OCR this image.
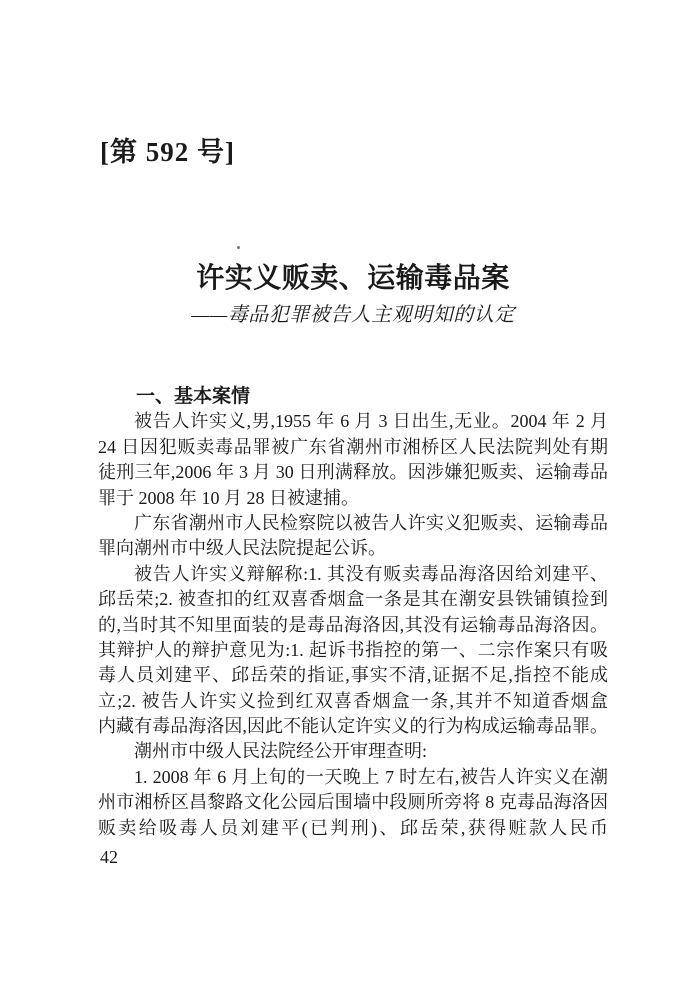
[第 592 号]
许实义贩卖、运输毒品案
——毒品犯罪被告人主观明知的认定
一、基本案情
被告人许实义,男,1955 年 6 月 3 日出生,无业。2004 年 2 月
24 日因犯贩卖毒品罪被广东省潮州市湘桥区人民法院判处有期
徒刑三年,2006 年 3 月 30 日刑满释放。因涉嫌犯贩卖、运输毒品
罪于 2008 年 10 月 28 日被逮捕。
广东省潮州市人民检察院以被告人许实义犯贩卖、运输毒品
罪向潮州市中级人民法院提起公诉。
被告人许实义辩解称:1. 其没有贩卖毒品海洛因给刘建平、
邱岳荣;2. 被查扣的红双喜香烟盒一条是其在潮安县铁铺镇捡到
的,当时其不知里面装的是毒品海洛因,其没有运输毒品海洛因。
其辩护人的辩护意见为:1. 起诉书指控的第一、二宗作案只有吸
毒人员刘建平、邱岳荣的指证,事实不清,证据不足,指控不能成
立;2. 被告人许实义捡到红双喜香烟盒一条,其并不知道香烟盒
内藏有毒品海洛因,因此不能认定许实义的行为构成运输毒品罪。
潮州市中级人民法院经公开审理查明:
1. 2008 年 6 月上旬的一天晚上 7 时左右,被告人许实义在潮
州市湘桥区昌黎路文化公园后围墙中段厕所旁将 8 克毒品海洛因
贩卖给吸毒人员刘建平(已判刑)、邱岳荣,获得赃款人民币
42
